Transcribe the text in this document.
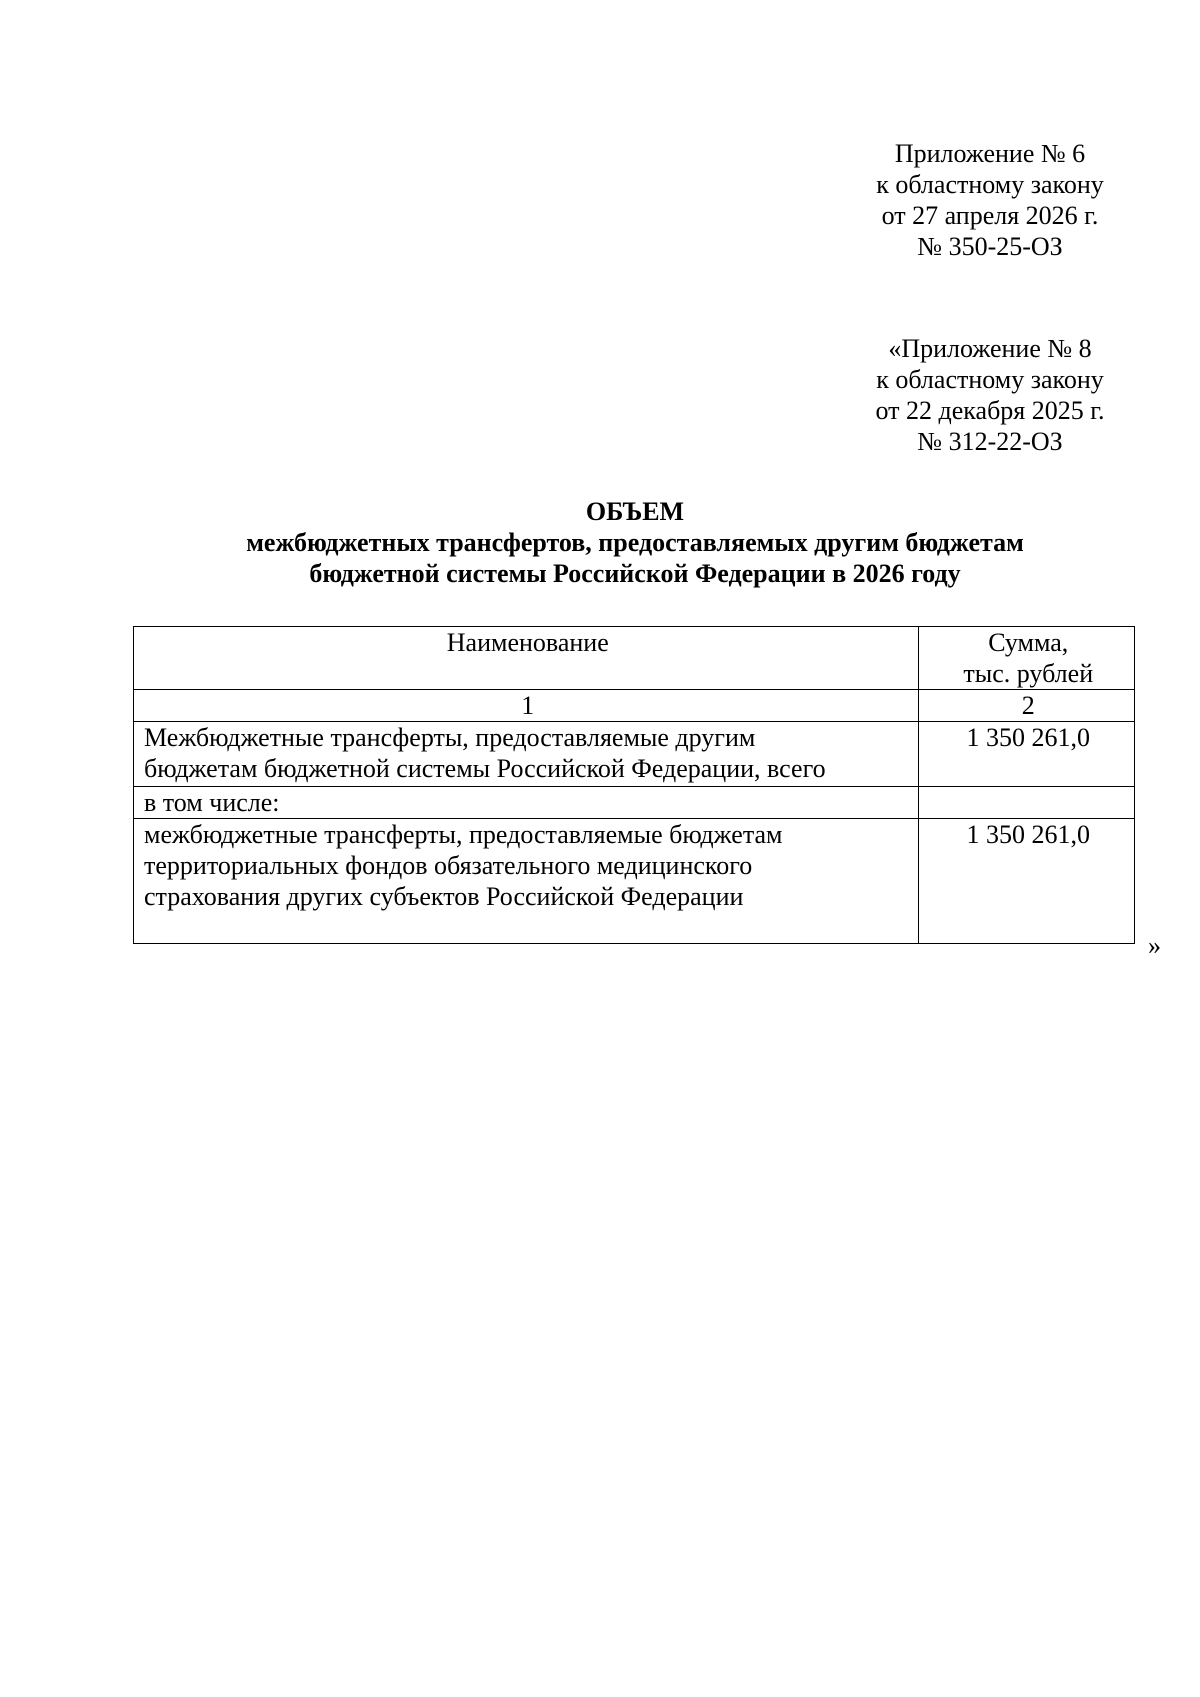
Приложение № 6
к областному закону
от 27 апреля 2026 г.
№ 350-25-ОЗ
«Приложение № 8
к областному закону
от 22 декабря 2025 г.
№ 312-22-ОЗ
ОБЪЕМ
межбюджетных трансфертов, предоставляемых другим бюджетам
бюджетной системы Российской Федерации в 2026 году
Наименование	Сумма,
тыс. рублей

1	2

Межбюджетные трансферты, предоставляемые другим
бюджетам бюджетной системы Российской Федерации, всего	1 350 261,0
в том числе:	

межбюджетные трансферты, предоставляемые бюджетам
территориальных фондов обязательного медицинского
страхования других субъектов Российской Федерации	1 350 261,0
»
